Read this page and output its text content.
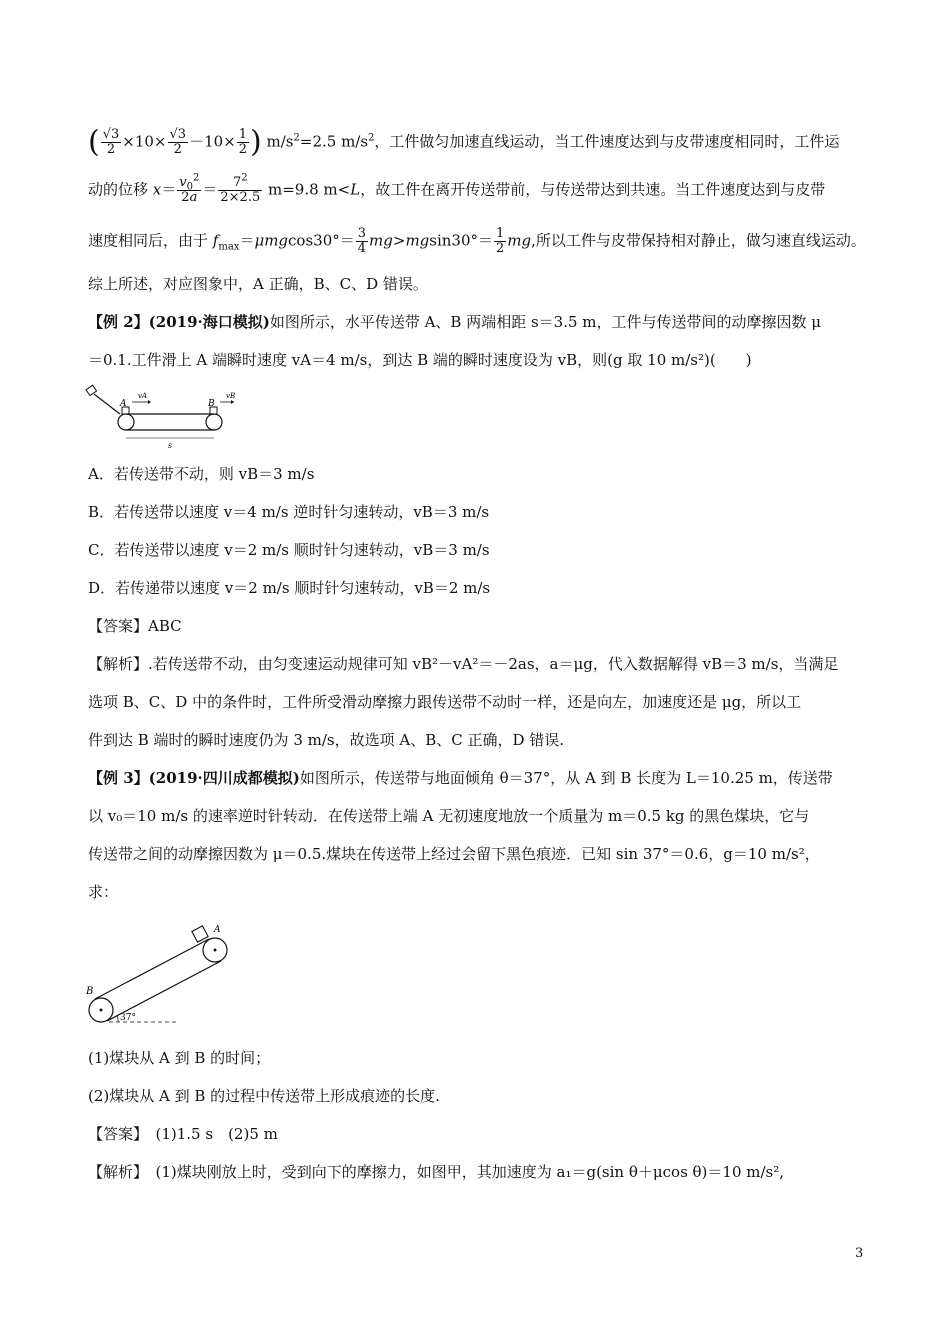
( $\frac{√3}{2} \times 10\times \frac{√3}{2} -10\times \frac{1}{2}$ ) $m/s^2=2.5$ $m/s^2$，工件做匀加速直线运动，当工件速度达到与皮带速度相同时，工件运
动的位移 $x= \frac{v_0^2}{2a} = \frac{7^2}{2\times 2.5} m=9.8$ m<L，故工件在离开传送带前，与传送带达到共速。当工件速度达到与皮带
速度相同后，由于 $f_{max}=\mu mgcos30^\circ= \frac{3}{4} mg>mgsin30^\circ= \frac{1}{2}$ mg,所以工件与皮带保持相对静止，做匀速直线运动。
综上所述，对应图象中，A 正确，B、C、D 错误。
【例 2】(2019·海口模拟)如图所示，水平传送带 A、B 两端相距 s＝3.5 m，工件与传送带间的动摩擦因数 μ
＝0.1.工件滑上 A 端瞬时速度 vA＝4 m/s，到达 B 端的瞬时速度设为 vB，则(g 取 10 m/s²)(　　)
A	B
vA	vB
s
A．若传送带不动，则 vB＝3 m/s
B．若传送带以速度 v＝4 m/s 逆时针匀速转动，vB＝3 m/s
C．若传送带以速度 v＝2 m/s 顺时针匀速转动，vB＝3 m/s
D．若传递带以速度 v＝2 m/s 顺时针匀速转动，vB＝2 m/s
【答案】ABC
【解析】.若传送带不动，由匀变速运动规律可知 vB²－vA²＝－2as，a＝μg，代入数据解得 vB＝3 m/s，当满足
选项 B、C、D 中的条件时，工件所受滑动摩擦力跟传送带不动时一样，还是向左，加速度还是 μg，所以工
件到达 B 端时的瞬时速度仍为 3 m/s，故选项 A、B、C 正确，D 错误.
【例 3】(2019·四川成都模拟)如图所示，传送带与地面倾角 θ＝37°，从 A 到 B 长度为 L＝10.25 m，传送带
以 v₀＝10 m/s 的速率逆时针转动．在传送带上端 A 无初速度地放一个质量为 m＝0.5 kg 的黑色煤块，它与
传送带之间的动摩擦因数为 μ＝0.5.煤块在传送带上经过会留下黑色痕迹．已知 sin 37°＝0.6，g＝10 m/s²，
求：
A
B
37°
(1)煤块从 A 到 B 的时间；
(2)煤块从 A 到 B 的过程中传送带上形成痕迹的长度.
【答案】　(1)1.5 s　(2)5 m
【解析】　(1)煤块刚放上时，受到向下的摩擦力，如图甲，其加速度为 a₁＝g(sin θ＋μcos θ)＝10 m/s²,
3
